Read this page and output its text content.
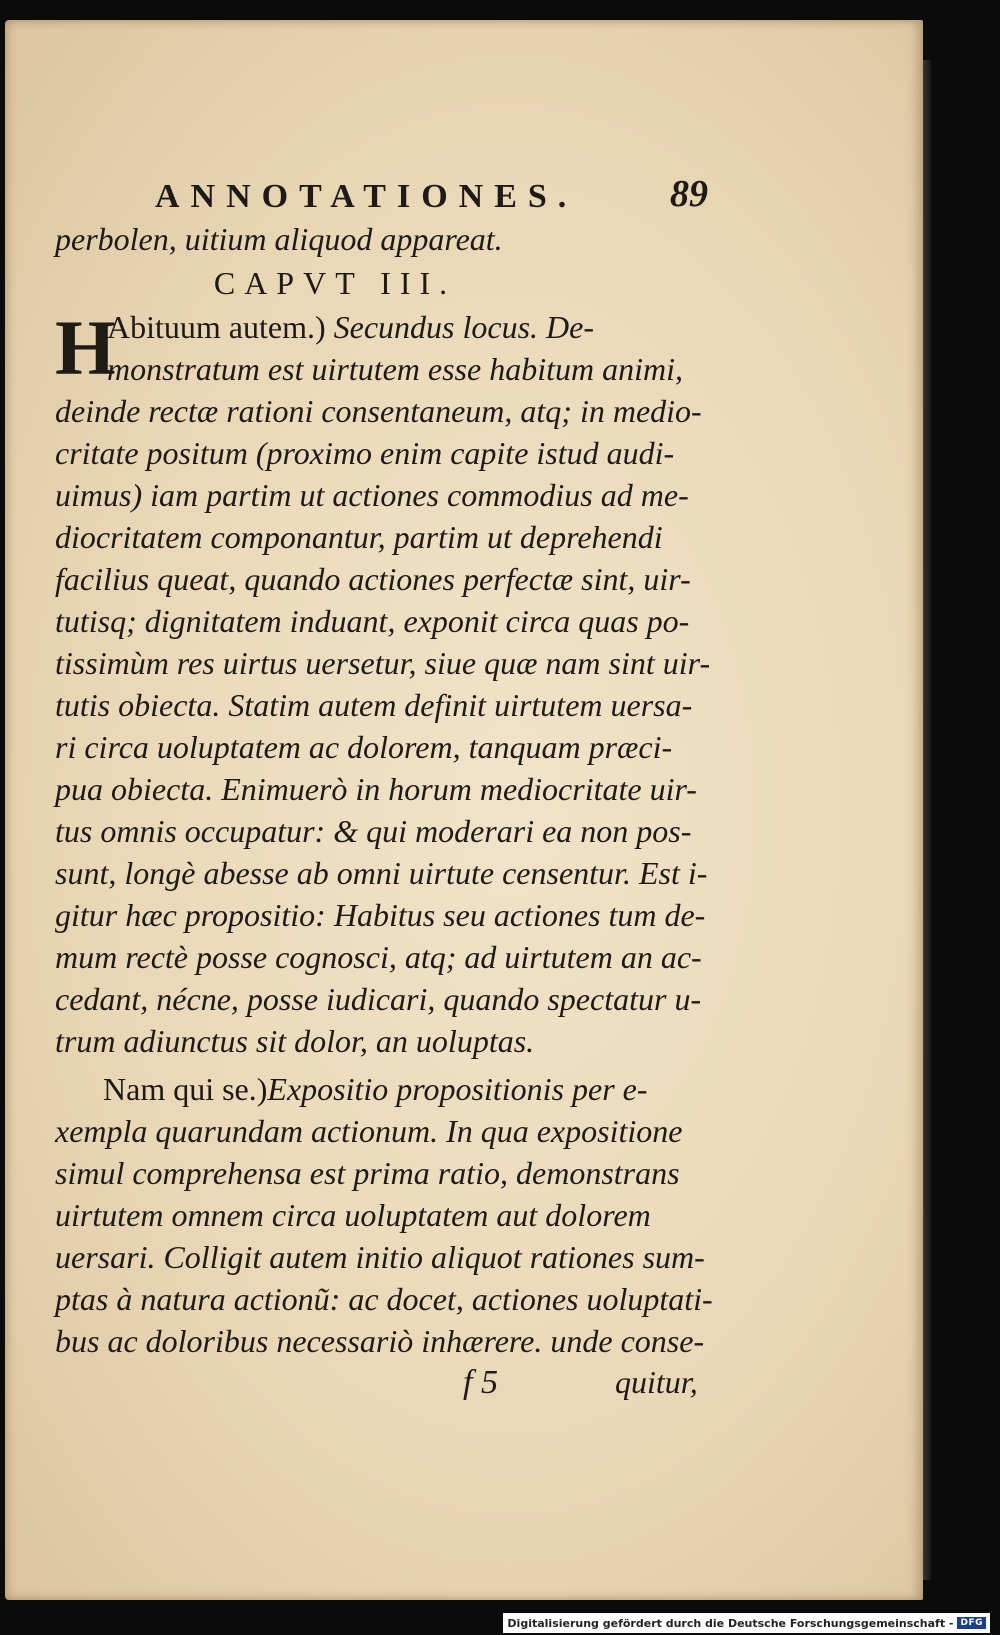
ANNOTATIONES. 89
perbolen, uitium aliquod appareat.
CAPVT III.
H
Abituum autem.) Secundus locus. De-
monstratum est uirtutem esse habitum animi,
deinde rectæ rationi consentaneum, atq; in medio-
critate positum (proximo enim capite istud audi-
uimus) iam partim ut actiones commodius ad me-
diocritatem componantur, partim ut deprehendi
facilius queat, quando actiones perfectæ sint, uir-
tutisq; dignitatem induant, exponit circa quas po-
tissimùm res uirtus uersetur, siue quæ nam sint uir-
tutis obiecta. Statim autem definit uirtutem uersa-
ri circa uoluptatem ac dolorem, tanquam præci-
pua obiecta. Enimuerò in horum mediocritate uir-
tus omnis occupatur: & qui moderari ea non pos-
sunt, longè abesse ab omni uirtute censentur. Est i-
gitur hæc propositio: Habitus seu actiones tum de-
mum rectè posse cognosci, atq; ad uirtutem an ac-
cedant, nécne, posse iudicari, quando spectatur u-
trum adiunctus sit dolor, an uoluptas.
Nam qui se.)Expositio propositionis per e-
xempla quarundam actionum. In qua expositione
simul comprehensa est prima ratio, demonstrans
uirtutem omnem circa uoluptatem aut dolorem
uersari. Colligit autem initio aliquot rationes sum-
ptas à natura actionũ: ac docet, actiones uoluptati-
bus ac doloribus necessariò inhærere. unde conse-
f 5	quitur,
Digitalisierung gefördert durch die Deutsche Forschungsgemeinschaft - DFG
